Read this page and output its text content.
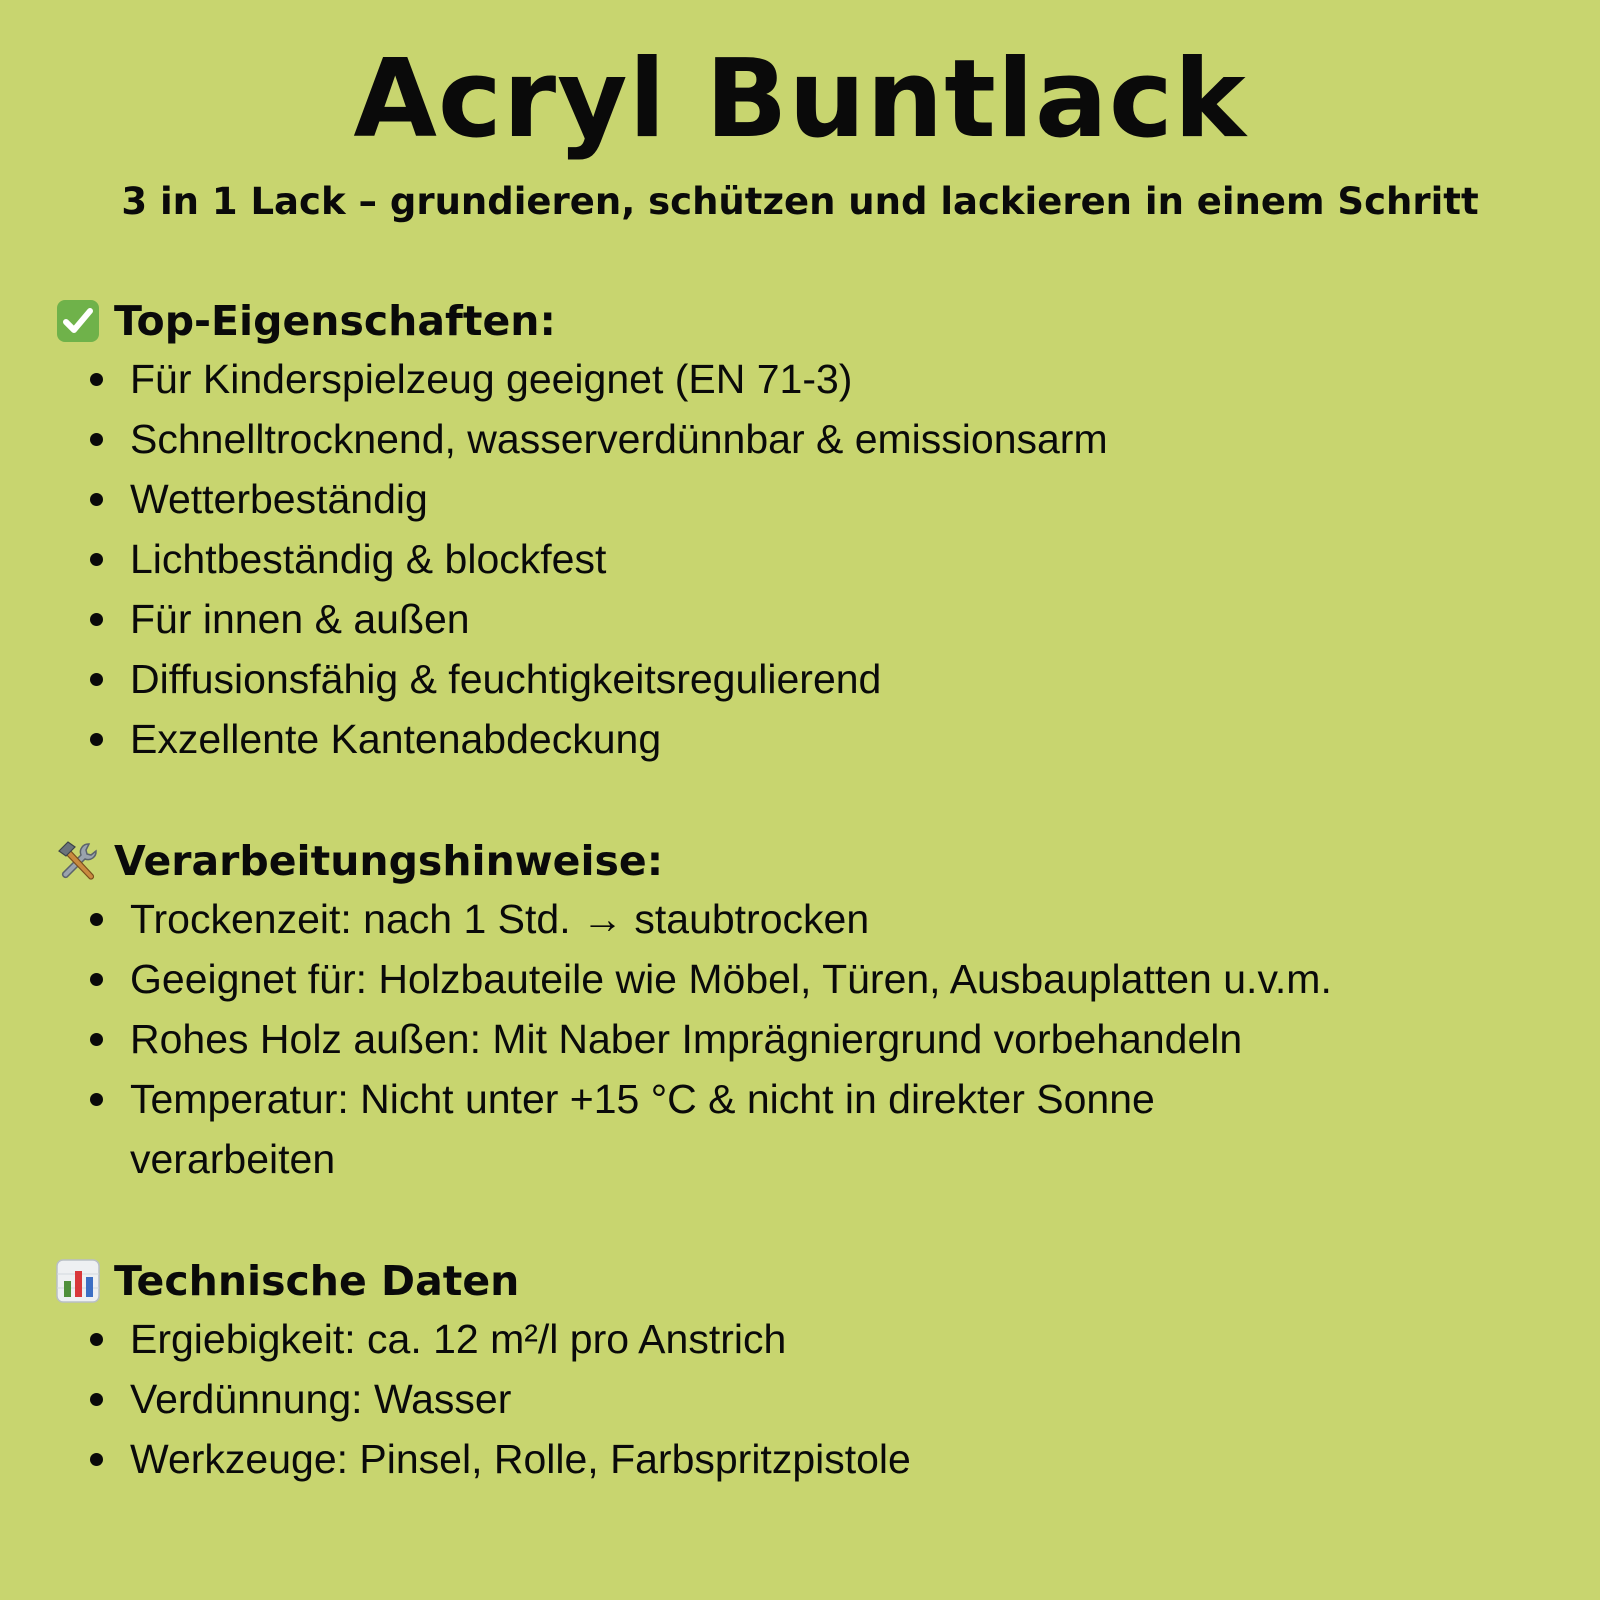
Acryl Buntlack

3 in 1 Lack – grundieren, schützen und lackieren in einem Schritt

Top-Eigenschaften:
Für Kinderspielzeug geeignet (EN 71-3)
Schnelltrocknend, wasserverdünnbar & emissionsarm
Wetterbeständig
Lichtbeständig & blockfest
Für innen & außen
Diffusionsfähig & feuchtigkeitsregulierend
Exzellente Kantenabdeckung
Verarbeitungshinweise:
Trockenzeit: nach 1 Std. → staubtrocken
Geeignet für: Holzbauteile wie Möbel, Türen, Ausbauplatten u.v.m.
Rohes Holz außen: Mit Naber Imprägniergrund vorbehandeln
Temperatur: Nicht unter +15 °C & nicht in direkter Sonne verarbeiten
Technische Daten
Ergiebigkeit: ca. 12 m²/l pro Anstrich
Verdünnung: Wasser
Werkzeuge: Pinsel, Rolle, Farbspritzpistole
